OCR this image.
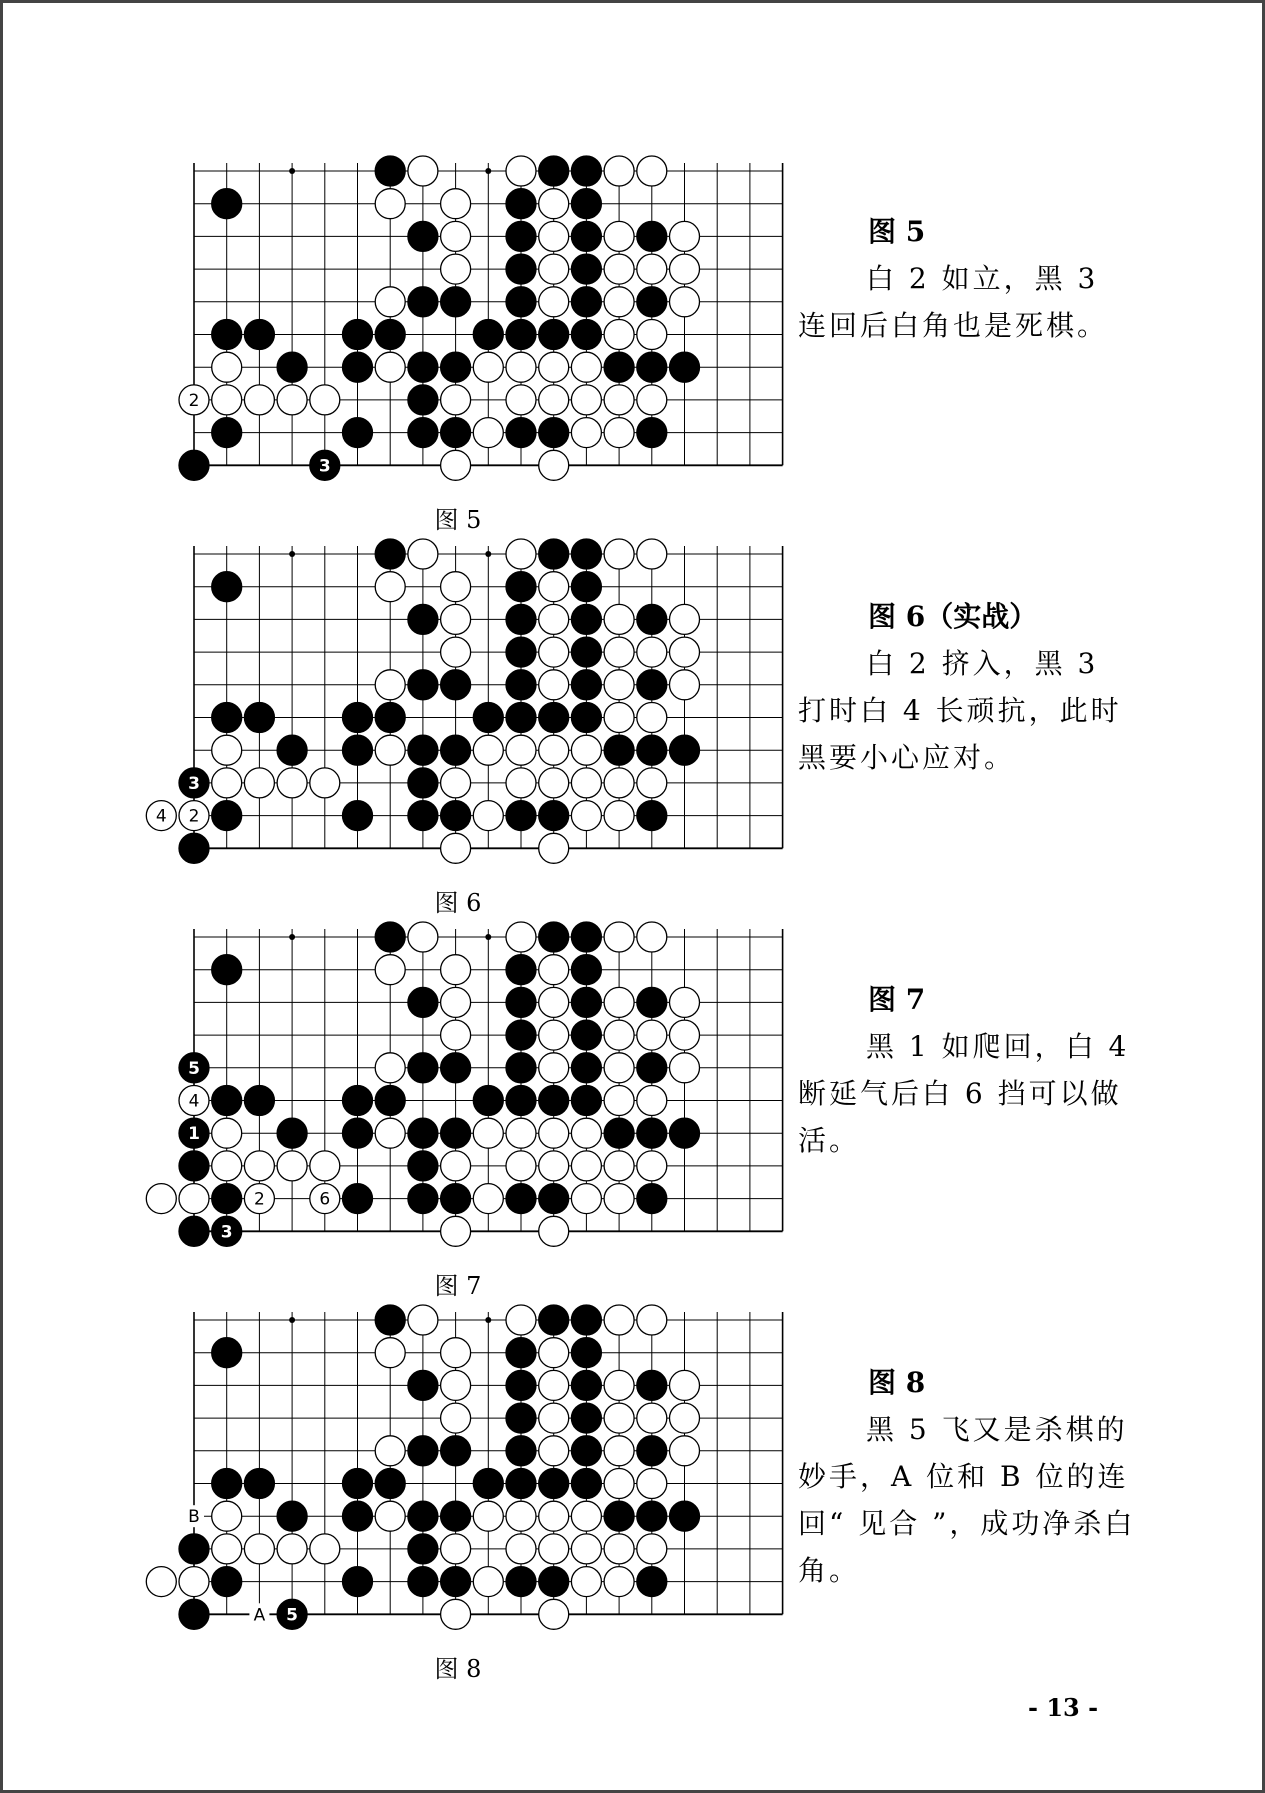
2
3
图 5
图 5
白 2 如立，黑 3 连回后白角也是死棋。
3
4 2
图 6
图 6（实战）
白 2 挤入，黑 3 打时白 4 长顽抗，此时黑要小心应对。
5
4
1
2	6
3
图 7
图 7
黑 1 如爬回，白 4 断延气后白 6 挡可以做活。
5
B
A
图 8
图 8
黑 5 飞又是杀棋的妙手，A 位和 B 位的连回“ 见合 ”，成功净杀白角。
- 13 -
